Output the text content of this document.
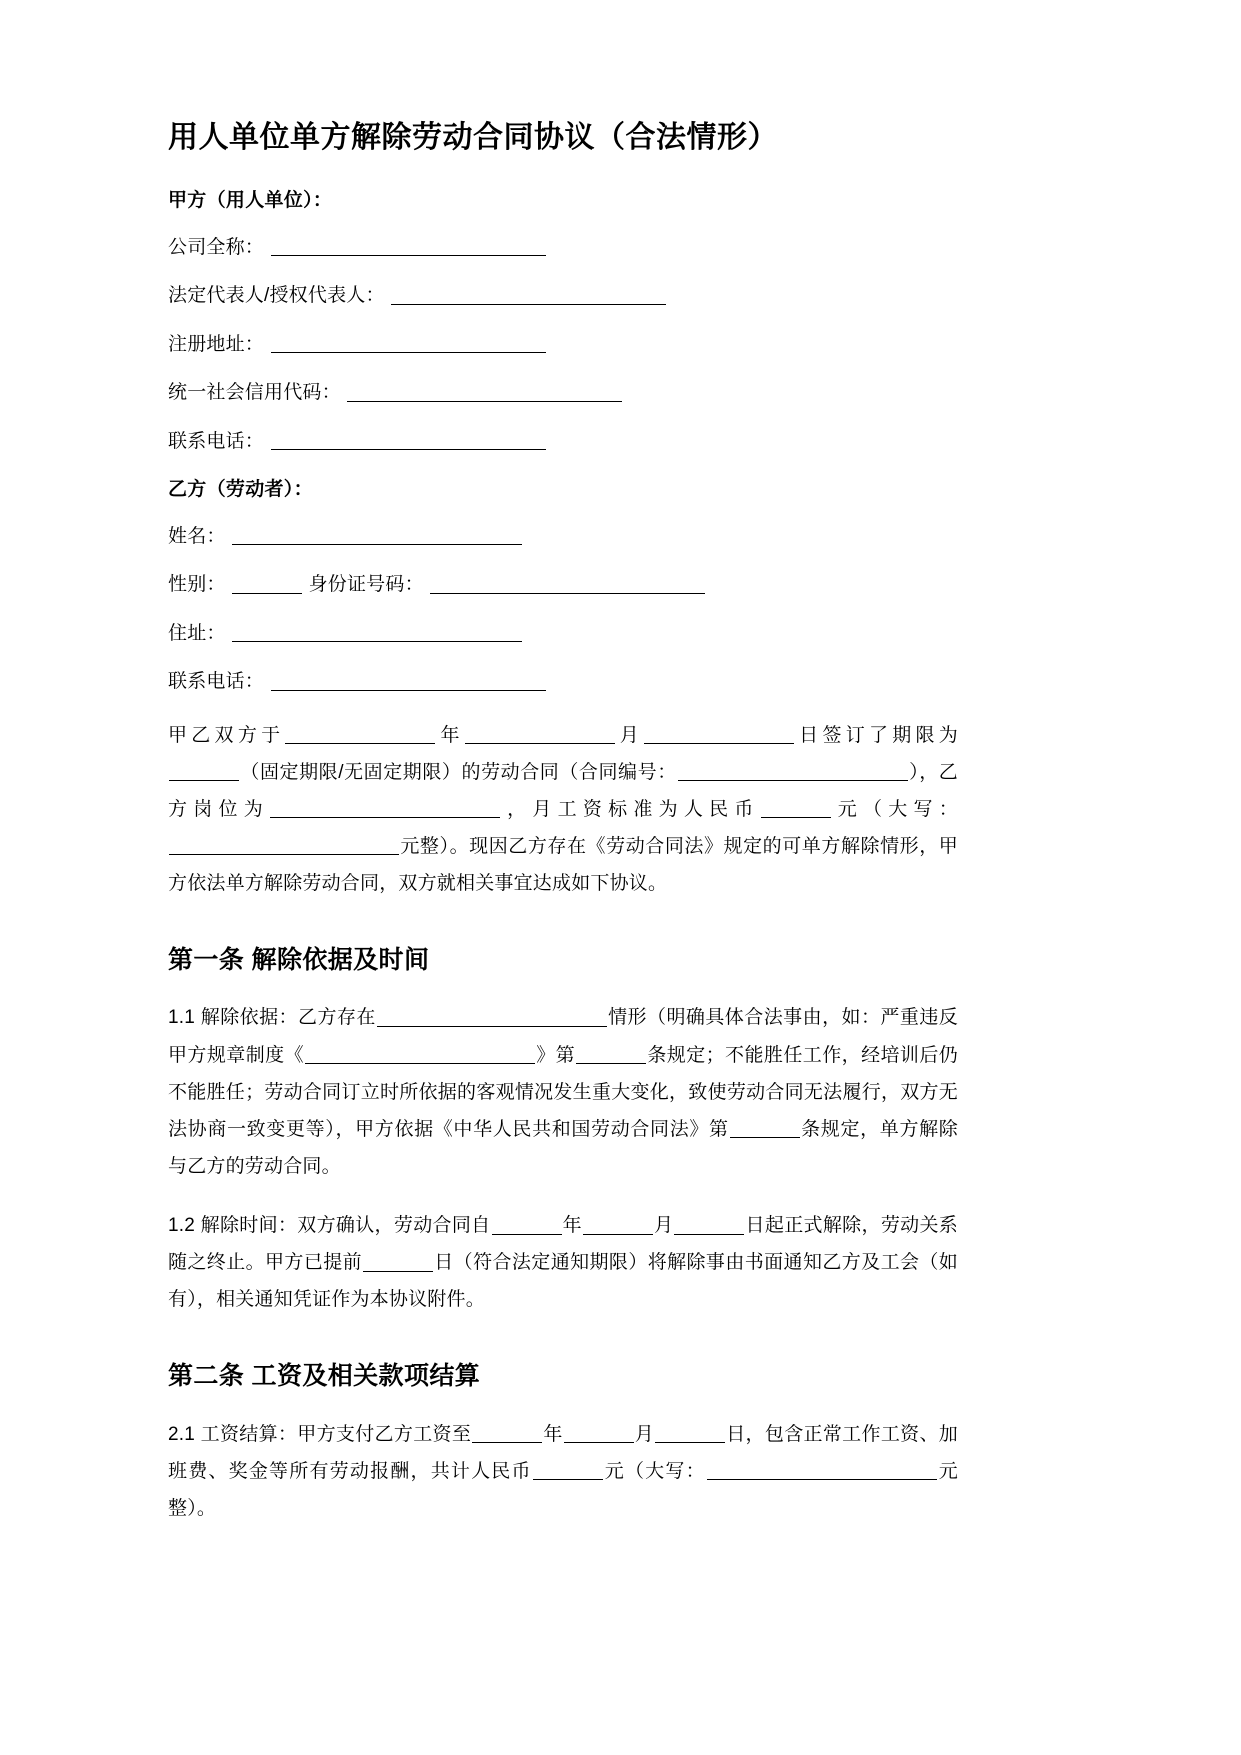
用人单位单方解除劳动合同协议（合法情形）
甲方（用人单位）：
公司全称：
法定代表人/授权代表人：
注册地址：
统一社会信用代码：
联系电话：
乙方（劳动者）：
姓名：
性别：	身份证号码：
住址：
联系电话：

甲乙双方于	年	月	日签订了期限为（固定期限/无固定期限）的劳动合同（合同编号：	），乙方岗位为	，月工资标准为人民币	元（大写：元整）。现因乙方存在《劳动合同法》规定的可单方解除情形，甲方依法单方解除劳动合同，双方就相关事宜达成如下协议。

第一条 解除依据及时间

1.1 解除依据：乙方存在	情形（明确具体合法事由，如：严重违反甲方规章制度《	》第	条规定；不能胜任工作，经培训后仍不能胜任；劳动合同订立时所依据的客观情况发生重大变化，致使劳动合同无法履行，双方无法协商一致变更等），甲方依据《中华人民共和国劳动合同法》第	条规定，单方解除与乙方的劳动合同。

1.2 解除时间：双方确认，劳动合同自	年	月	日起正式解除，劳动关系随之终止。甲方已提前	日（符合法定通知期限）将解除事由书面通知乙方及工会（如有），相关通知凭证作为本协议附件。

第二条 工资及相关款项结算

2.1 工资结算：甲方支付乙方工资至	年	月	日，包含正常工作工资、加班费、奖金等所有劳动报酬，共计人民币	元（大写：	元整）。
